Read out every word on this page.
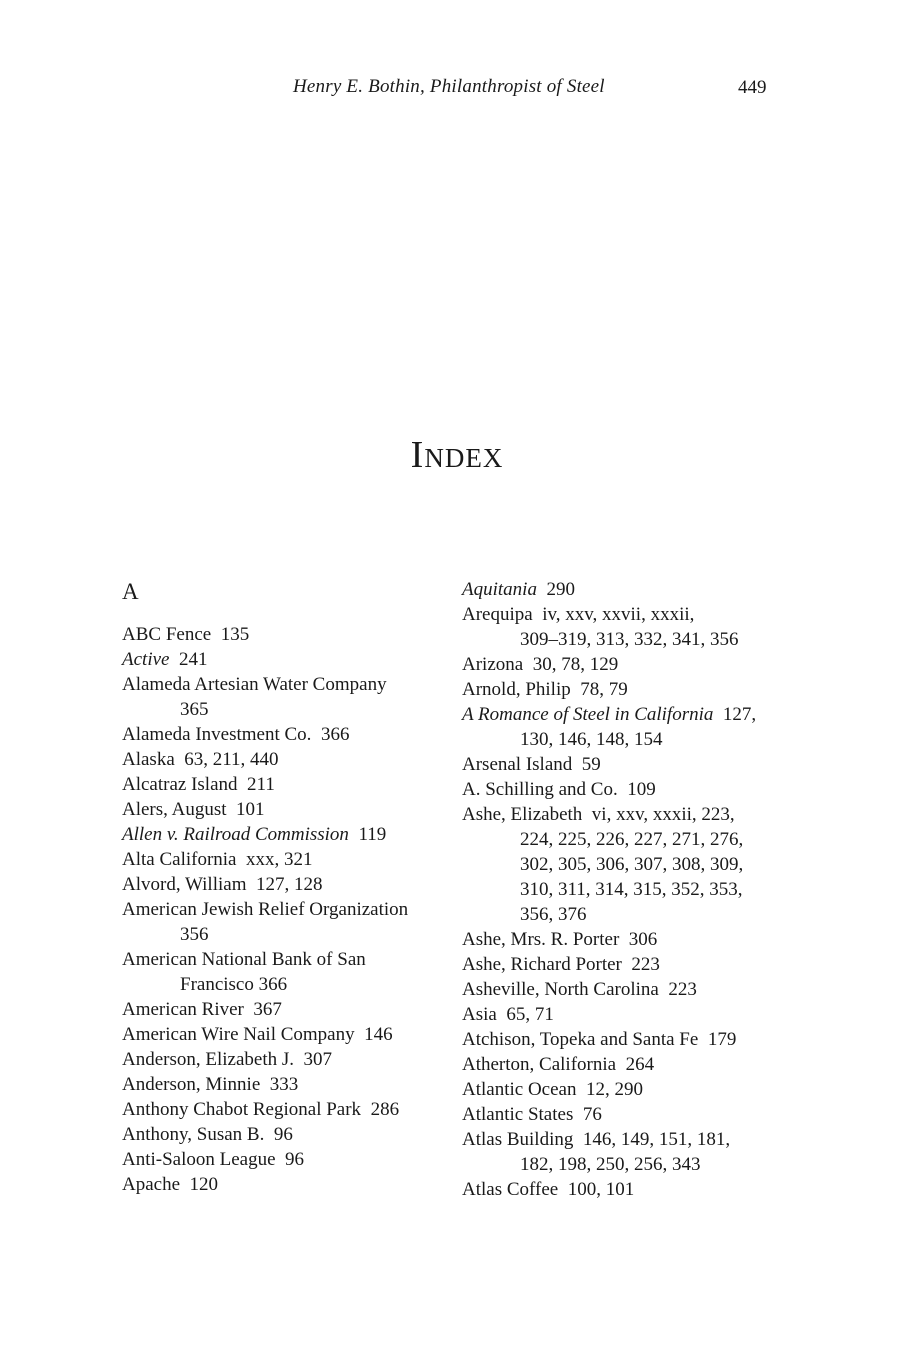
Henry E. Bothin, Philanthropist of Steel	449
Index
A
ABC Fence 135
Active 241
Alameda Artesian Water Company
365
Alameda Investment Co. 366
Alaska 63, 211, 440
Alcatraz Island 211
Alers, August 101
Allen v. Railroad Commission 119
Alta California xxx, 321
Alvord, William 127, 128
American Jewish Relief Organization
356
American National Bank of San
Francisco 366
American River 367
American Wire Nail Company 146
Anderson, Elizabeth J. 307
Anderson, Minnie 333
Anthony Chabot Regional Park 286
Anthony, Susan B. 96
Anti-Saloon League 96
Apache 120
Aquitania 290
Arequipa iv, xxv, xxvii, xxxii,
309–319, 313, 332, 341, 356
Arizona 30, 78, 129
Arnold, Philip 78, 79
A Romance of Steel in California 127,
130, 146, 148, 154
Arsenal Island 59
A. Schilling and Co. 109
Ashe, Elizabeth vi, xxv, xxxii, 223,
224, 225, 226, 227, 271, 276,
302, 305, 306, 307, 308, 309,
310, 311, 314, 315, 352, 353,
356, 376
Ashe, Mrs. R. Porter 306
Ashe, Richard Porter 223
Asheville, North Carolina 223
Asia 65, 71
Atchison, Topeka and Santa Fe 179
Atherton, California 264
Atlantic Ocean 12, 290
Atlantic States 76
Atlas Building 146, 149, 151, 181,
182, 198, 250, 256, 343
Atlas Coffee 100, 101
